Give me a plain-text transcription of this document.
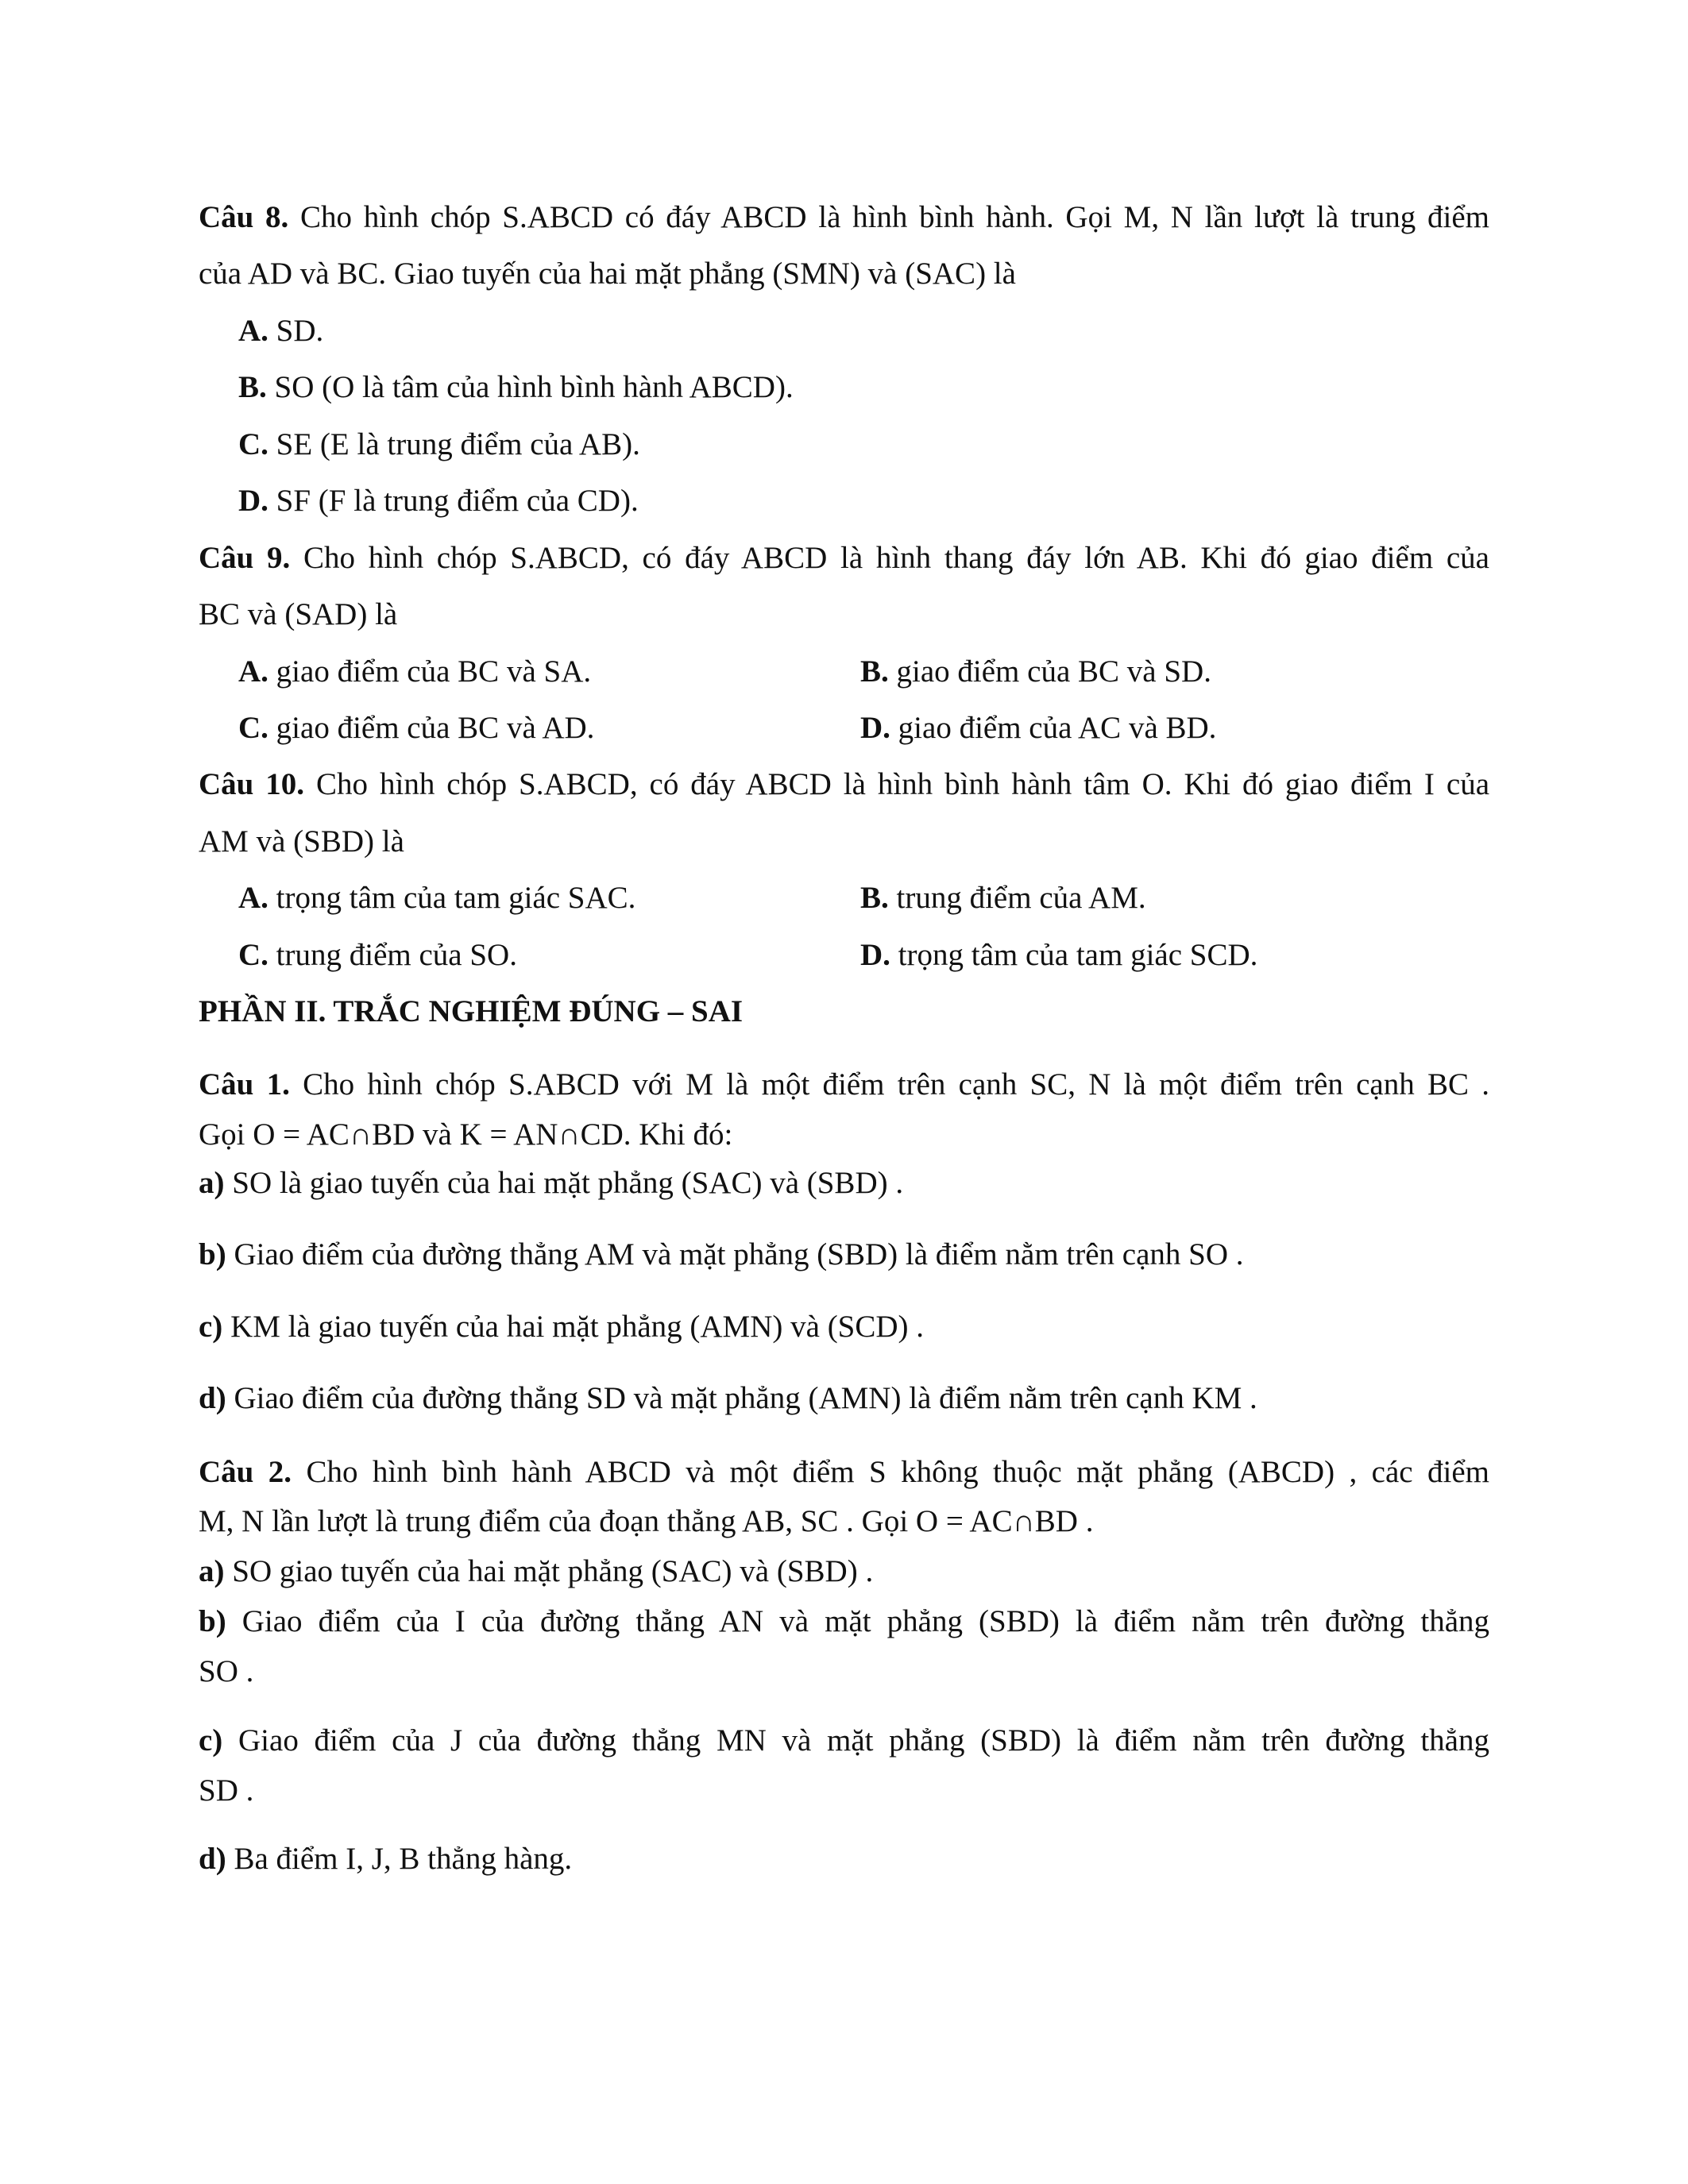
Câu 8. Cho hình chóp S.ABCD có đáy ABCD là hình bình hành. Gọi M, N lần lượt là trung điểm
của AD và BC. Giao tuyến của hai mặt phẳng (SMN) và (SAC) là
A. SD.
B. SO (O là tâm của hình bình hành ABCD).
C. SE (E là trung điểm của AB).
D. SF (F là trung điểm của CD).
Câu 9. Cho hình chóp S.ABCD, có đáy ABCD là hình thang đáy lớn AB. Khi đó giao điểm của
BC và (SAD) là
A. giao điểm của BC và SA.	B. giao điểm của BC và SD.
C. giao điểm của BC và AD.	D. giao điểm của AC và BD.
Câu 10. Cho hình chóp S.ABCD, có đáy ABCD là hình bình hành tâm O. Khi đó giao điểm I của
AM và (SBD) là
A. trọng tâm của tam giác SAC.	B. trung điểm của AM.
C. trung điểm của SO.	D. trọng tâm của tam giác SCD.
PHẦN II. TRẮC NGHIỆM ĐÚNG – SAI
Câu 1. Cho hình chóp S.ABCD với M là một điểm trên cạnh SC, N là một điểm trên cạnh BC .
Gọi O = AC∩BD và K = AN∩CD. Khi đó:
a) SO là giao tuyến của hai mặt phẳng (SAC) và (SBD) .
b) Giao điểm của đường thẳng AM và mặt phẳng (SBD) là điểm nằm trên cạnh SO .
c) KM là giao tuyến của hai mặt phẳng (AMN) và (SCD) .
d) Giao điểm của đường thẳng SD và mặt phẳng (AMN) là điểm nằm trên cạnh KM .
Câu 2. Cho hình bình hành ABCD và một điểm S không thuộc mặt phẳng (ABCD) , các điểm
M, N lần lượt là trung điểm của đoạn thẳng AB, SC . Gọi O = AC∩BD .
a) SO giao tuyến của hai mặt phẳng (SAC) và (SBD) .
b) Giao điểm của I của đường thẳng AN và mặt phẳng (SBD) là điểm nằm trên đường thẳng
SO .
c) Giao điểm của J của đường thẳng MN và mặt phẳng (SBD) là điểm nằm trên đường thẳng
SD .
d) Ba điểm I, J, B thẳng hàng.
